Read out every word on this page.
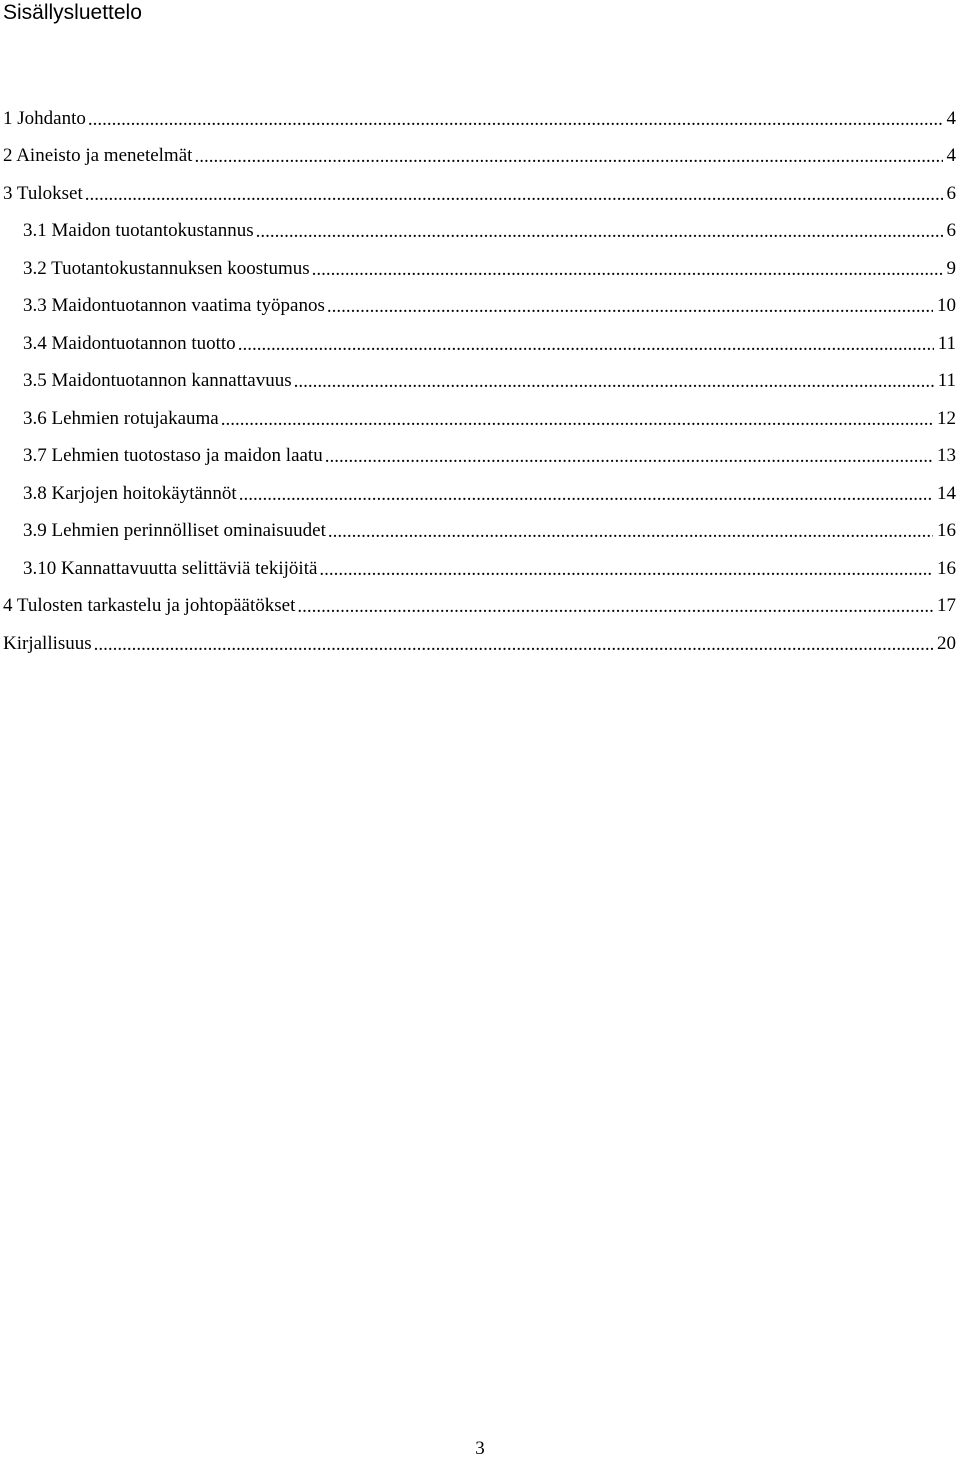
Sisällysluettelo
1 Johdanto .....	4
2 Aineisto ja menetelmät .....	4
3 Tulokset .....	6
3.1 Maidon tuotantokustannus .....	6
3.2 Tuotantokustannuksen koostumus .....	9
3.3 Maidontuotannon vaatima työpanos .....	10
3.4 Maidontuotannon tuotto .....	11
3.5 Maidontuotannon kannattavuus .....	11
3.6 Lehmien rotujakauma .....	12
3.7 Lehmien tuotostaso ja maidon laatu .....	13
3.8 Karjojen hoitokäytännöt .....	14
3.9 Lehmien perinnölliset ominaisuudet .....	16
3.10 Kannattavuutta selittäviä tekijöitä .....	16
4 Tulosten tarkastelu ja johtopäätökset .....	17
Kirjallisuus .....	20
3
